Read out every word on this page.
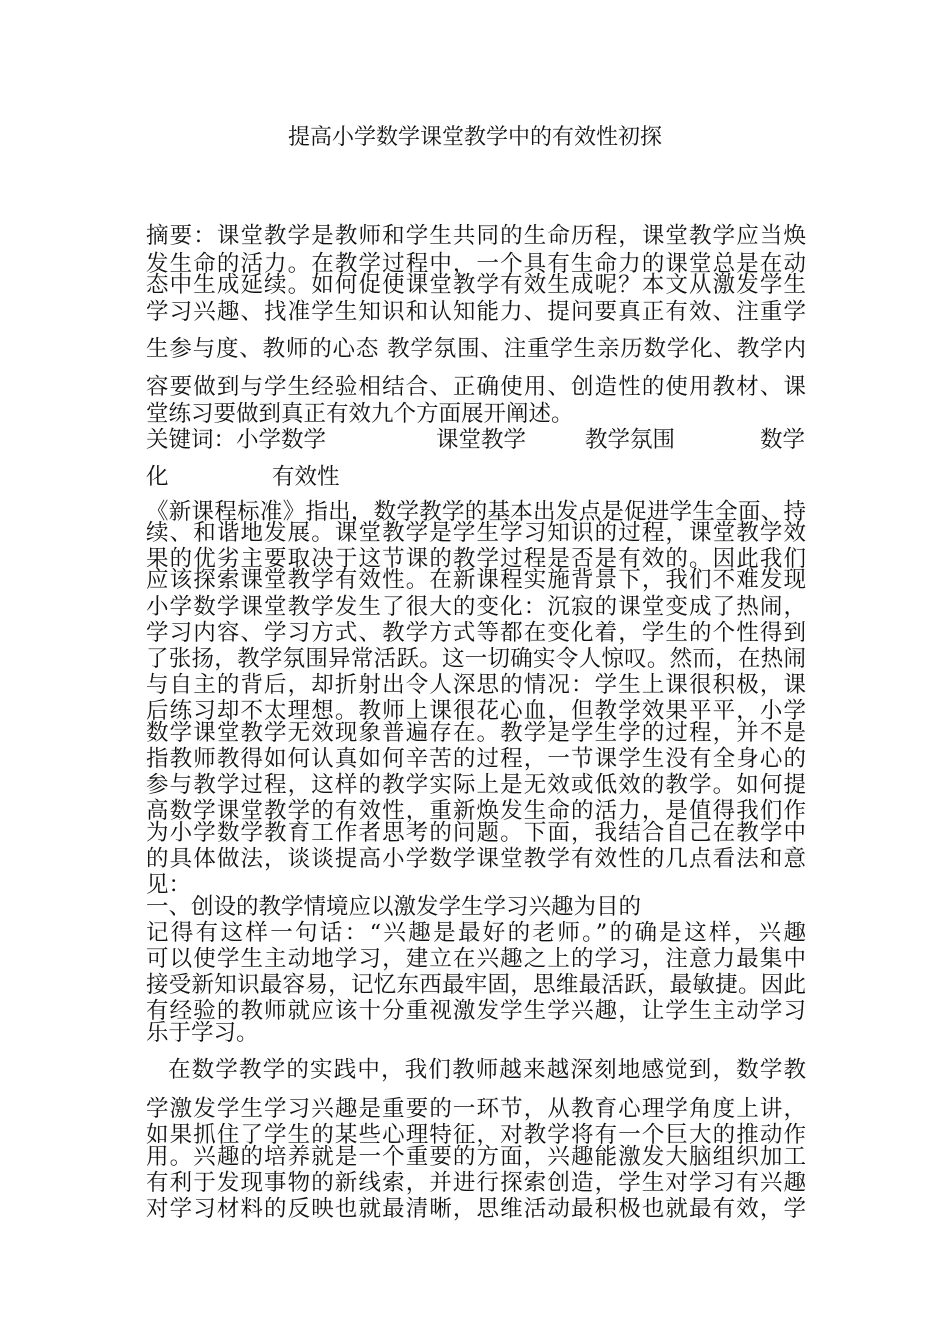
提高小学数学课堂教学中的有效性初探
摘要：课堂教学是教师和学生共同的生命历程，课堂教学应当焕
发生命的活力。在教学过程中，一个具有生命力的课堂总是在动
态中生成延续。如何促使课堂教学有效生成呢？本文从激发学生
学习兴趣、找准学生知识和认知能力、提问要真正有效、注重学
生参与度、教师的心态 教学氛围、注重学生亲历数学化、教学内
容要做到与学生经验相结合、正确使用、创造性的使用教材、课
堂练习要做到真正有效九个方面展开阐述。
关键词：小学数学	课堂教学	教学氛围	数学
化	有效性
《新课程标准》指出，数学教学的基本出发点是促进学生全面、持
续、和谐地发展。课堂教学是学生学习知识的过程，课堂教学效
果的优劣主要取决于这节课的教学过程是否是有效的。因此我们
应该探索课堂教学有效性。在新课程实施背景下，我们不难发现
小学数学课堂教学发生了很大的变化：沉寂的课堂变成了热闹，
学习内容、学习方式、教学方式等都在变化着，学生的个性得到
了张扬，教学氛围异常活跃。这一切确实令人惊叹。然而，在热闹
与自主的背后，却折射出令人深思的情况：学生上课很积极，课
后练习却不太理想。教师上课很花心血，但教学效果平平，小学
数学课堂教学无效现象普遍存在。教学是学生学的过程，并不是
指教师教得如何认真如何辛苦的过程，一节课学生没有全身心的
参与教学过程，这样的教学实际上是无效或低效的教学。如何提
高数学课堂教学的有效性，重新焕发生命的活力，是值得我们作
为小学数学教育工作者思考的问题。下面，我结合自己在教学中
的具体做法，谈谈提高小学数学课堂教学有效性的几点看法和意
见：
一、创设的教学情境应以激发学生学习兴趣为目的
记得有这样一句话：“兴趣是最好的老师。”的确是这样，兴趣
可以使学生主动地学习，建立在兴趣之上的学习，注意力最集中
接受新知识最容易，记忆东西最牢固，思维最活跃，最敏捷。因此
有经验的教师就应该十分重视激发学生学兴趣，让学生主动学习
乐于学习。
在数学教学的实践中，我们教师越来越深刻地感觉到，数学教
学激发学生学习兴趣是重要的一环节，从教育心理学角度上讲，
如果抓住了学生的某些心理特征，对教学将有一个巨大的推动作
用。兴趣的培养就是一个重要的方面，兴趣能激发大脑组织加工
有利于发现事物的新线索，并进行探索创造，学生对学习有兴趣
对学习材料的反映也就最清晰，思维活动最积极也就最有效，学
